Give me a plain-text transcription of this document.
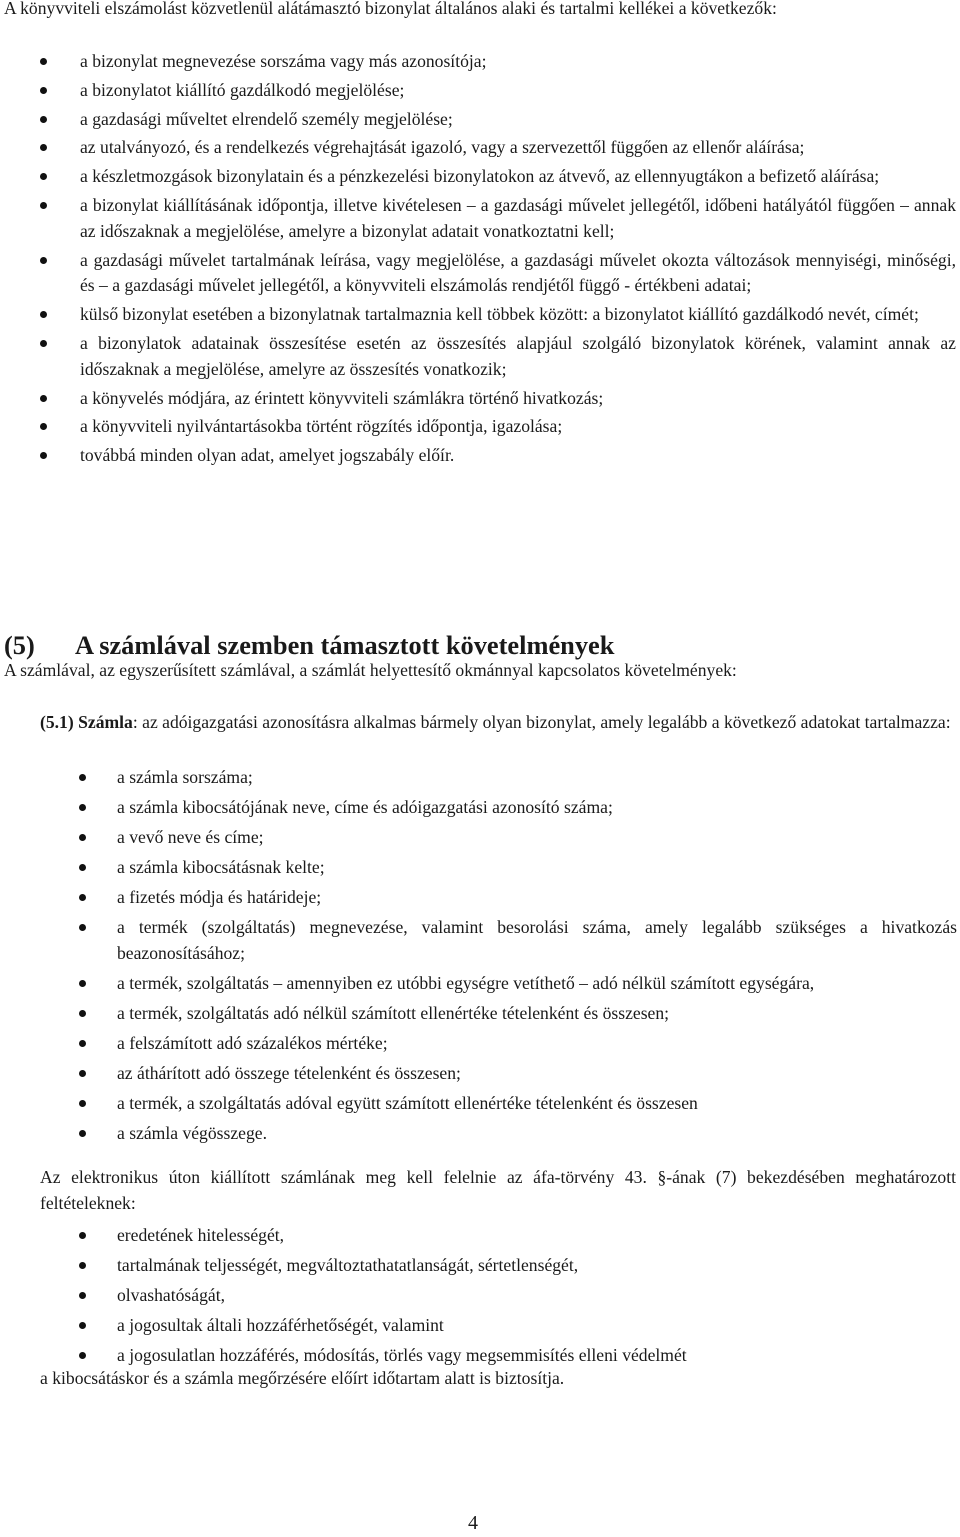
A könyvviteli elszámolást közvetlenül alátámasztó bizonylat általános alaki és tartalmi kellékei a következők:

a bizonylat megnevezése sorszáma vagy más azonosítója;
a bizonylatot kiállító gazdálkodó megjelölése;
a gazdasági műveltet elrendelő személy megjelölése;
az utalványozó, és a rendelkezés végrehajtását igazoló, vagy a szervezettől függően az ellenőr aláírása;
a készletmozgások bizonylatain és a pénzkezelési bizonylatokon az átvevő, az ellennyugtákon a befizető aláírása;
a bizonylat kiállításának időpontja, illetve kivételesen – a gazdasági művelet jellegétől, időbeni hatályától függően – annak az időszaknak a megjelölése, amelyre a bizonylat adatait vonatkoztatni kell;
a gazdasági művelet tartalmának leírása, vagy megjelölése, a gazdasági művelet okozta változások mennyiségi, minőségi, és – a gazdasági művelet jellegétől, a könyvviteli elszámolás rendjétől függő - értékbeni adatai;
külső bizonylat esetében a bizonylatnak tartalmaznia kell többek között: a bizonylatot kiállító gazdálkodó nevét, címét;
a bizonylatok adatainak összesítése esetén az összesítés alapjául szolgáló bizonylatok körének, valamint annak az időszaknak a megjelölése, amelyre az összesítés vonatkozik;
a könyvelés módjára, az érintett könyvviteli számlákra történő hivatkozás;
a könyvviteli nyilvántartásokba történt rögzítés időpontja, igazolása;
továbbá minden olyan adat, amelyet jogszabály előír.
(5) A számlával szemben támasztott követelmények

A számlával, az egyszerűsített számlával, a számlát helyettesítő okmánnyal kapcsolatos követelmények:

(5.1) Számla: az adóigazgatási azonosításra alkalmas bármely olyan bizonylat, amely legalább a következő adatokat tartalmazza:

a számla sorszáma;
a számla kibocsátójának neve, címe és adóigazgatási azonosító száma;
a vevő neve és címe;
a számla kibocsátásnak kelte;
a fizetés módja és határideje;
a termék (szolgáltatás) megnevezése, valamint besorolási száma, amely legalább szükséges a hivatkozás beazonosításához;
a termék, szolgáltatás – amennyiben ez utóbbi egységre vetíthető – adó nélkül számított egységára,
a termék, szolgáltatás adó nélkül számított ellenértéke tételenként és összesen;
a felszámított adó százalékos mértéke;
az áthárított adó összege tételenként és összesen;
a termék, a szolgáltatás adóval együtt számított ellenértéke tételenként és összesen
a számla végösszege.

Az elektronikus úton kiállított számlának meg kell felelnie az áfa-törvény 43. §-ának (7) bekezdésében meghatározott feltételeknek:

eredetének hitelességét,
tartalmának teljességét, megváltoztathatatlanságát, sértetlenségét,
olvashatóságát,
a jogosultak általi hozzáférhetőségét, valamint
a jogosulatlan hozzáférés, módosítás, törlés vagy megsemmisítés elleni védelmét

a kibocsátáskor és a számla megőrzésére előírt időtartam alatt is biztosítja.

4
